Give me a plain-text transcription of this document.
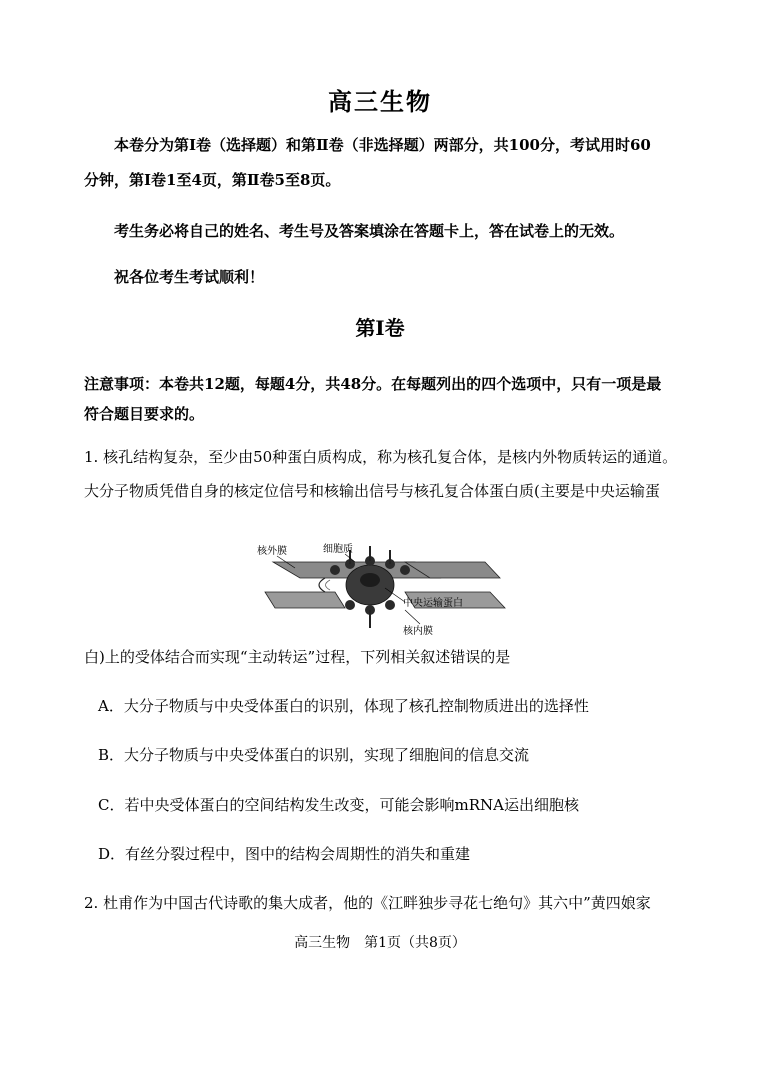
高三生物
本卷分为第Ⅰ卷（选择题）和第Ⅱ卷（非选择题）两部分，共100分，考试用时60
分钟，第Ⅰ卷1至4页，第Ⅱ卷5至8页。
考生务必将自己的姓名、考生号及答案填涂在答题卡上，答在试卷上的无效。
祝各位考生考试顺利！
第Ⅰ卷
注意事项：本卷共12题，每题4分，共48分。在每题列出的四个选项中，只有一项是最
符合题目要求的。
1. 核孔结构复杂，至少由50种蛋白质构成，称为核孔复合体，是核内外物质转运的通道。
大分子物质凭借自身的核定位信号和核输出信号与核孔复合体蛋白质(主要是中央运输蛋
核外膜	细胞质
中央运输蛋白
核内膜
白)上的受体结合而实现“主动转运”过程，下列相关叙述错误的是
A．大分子物质与中央受体蛋白的识别，体现了核孔控制物质进出的选择性
B．大分子物质与中央受体蛋白的识别，实现了细胞间的信息交流
C．若中央受体蛋白的空间结构发生改变，可能会影响mRNA运出细胞核
D．有丝分裂过程中，图中的结构会周期性的消失和重建
2. 杜甫作为中国古代诗歌的集大成者，他的《江畔独步寻花七绝句》其六中”黄四娘家
高三生物　第1页（共8页）
